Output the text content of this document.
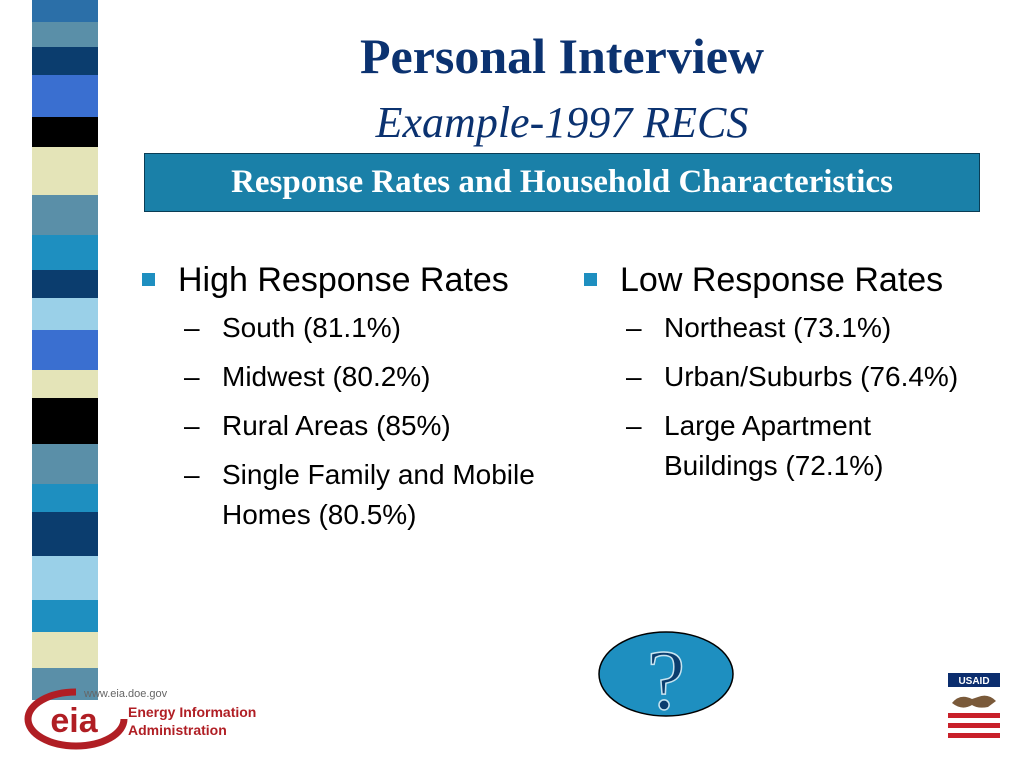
Personal Interview
Example-1997 RECS
Response Rates and Household Characteristics
High Response Rates
– South (81.1%)
– Midwest (80.2%)
– Rural Areas (85%)
– Single Family and Mobile Homes (80.5%)
Low Response Rates
– Northeast (73.1%)
– Urban/Suburbs (76.4%)
– Large Apartment Buildings (72.1%)
?
eia
www.eia.doe.gov
Energy Information
Administration
USAID
